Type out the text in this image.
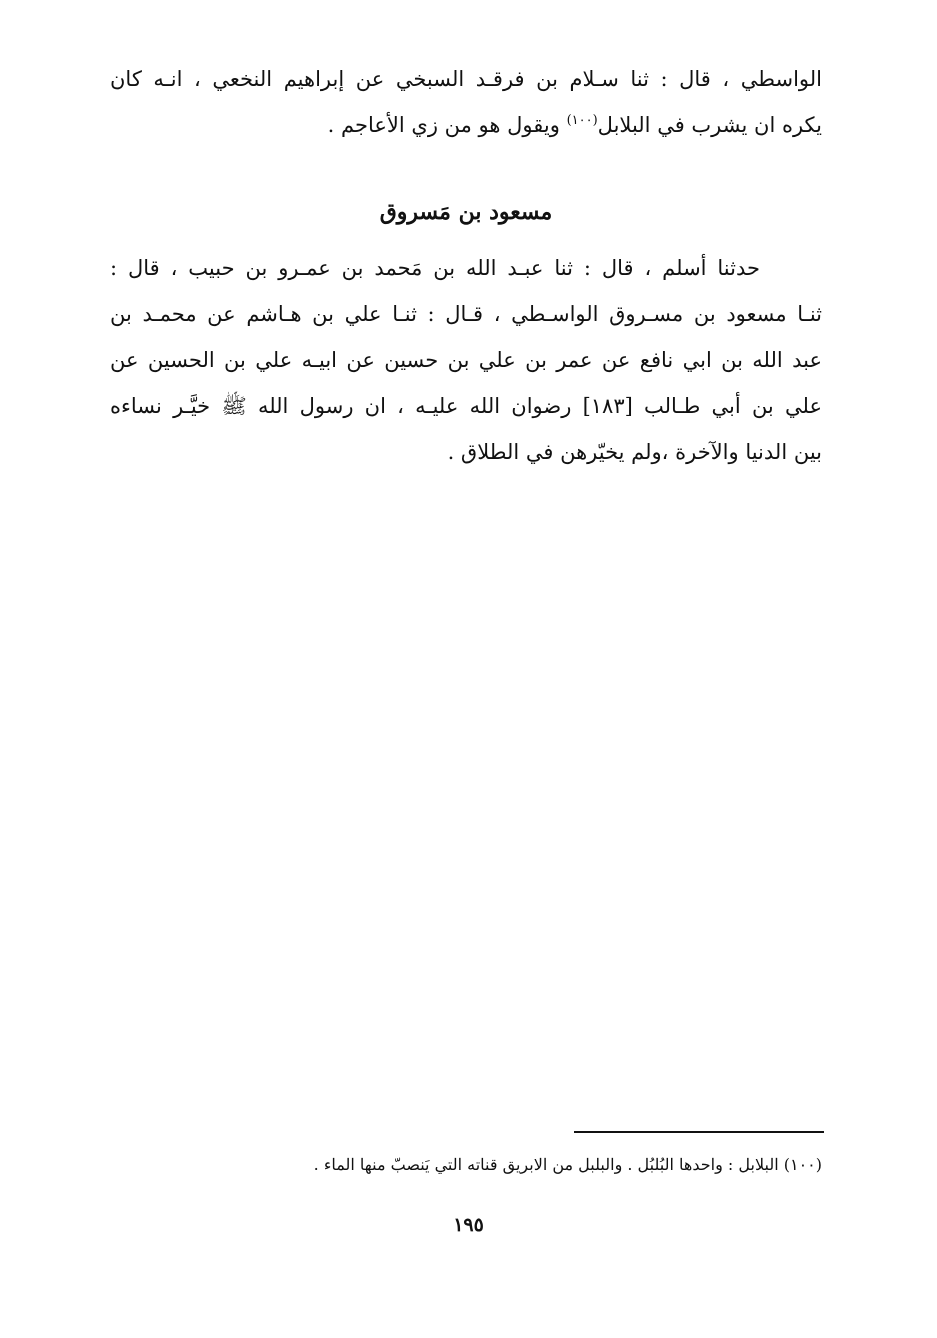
الواسطي ، قال : ثنا سـلام بن فرقـد السبخي عن إبراهيم النخعي ، انـه كان
يكره ان يشرب في البلابل$^{(١٠٠)}$ ويقول هو من زي الأعاجم .
مسعود بن مَسروق
حدثنا أسلم ، قال : ثنا عبـد الله بن مَحمد بن عمـرو بن حبيب ، قال :
ثنـا مسعود بن مسـروق الواسـطي ، قـال : ثنـا علي بن هـاشم عن محمـد بن
عبد الله بن ابي نافع عن عمر بن علي بن حسين عن ابيـه علي بن الحسين عن
علي بن أبي طـالب [١٨٣] رضوان الله عليـه ، ان رسول الله ﷺ خيَّـر نساءه
بين الدنيا والآخرة ،ولم يخيّرهن في الطلاق .
(١٠٠) البلابل : واحدها البُلبُل . والبلبل من الابريق قناته التي يَنصبّ منها الماء .
١٩٥
